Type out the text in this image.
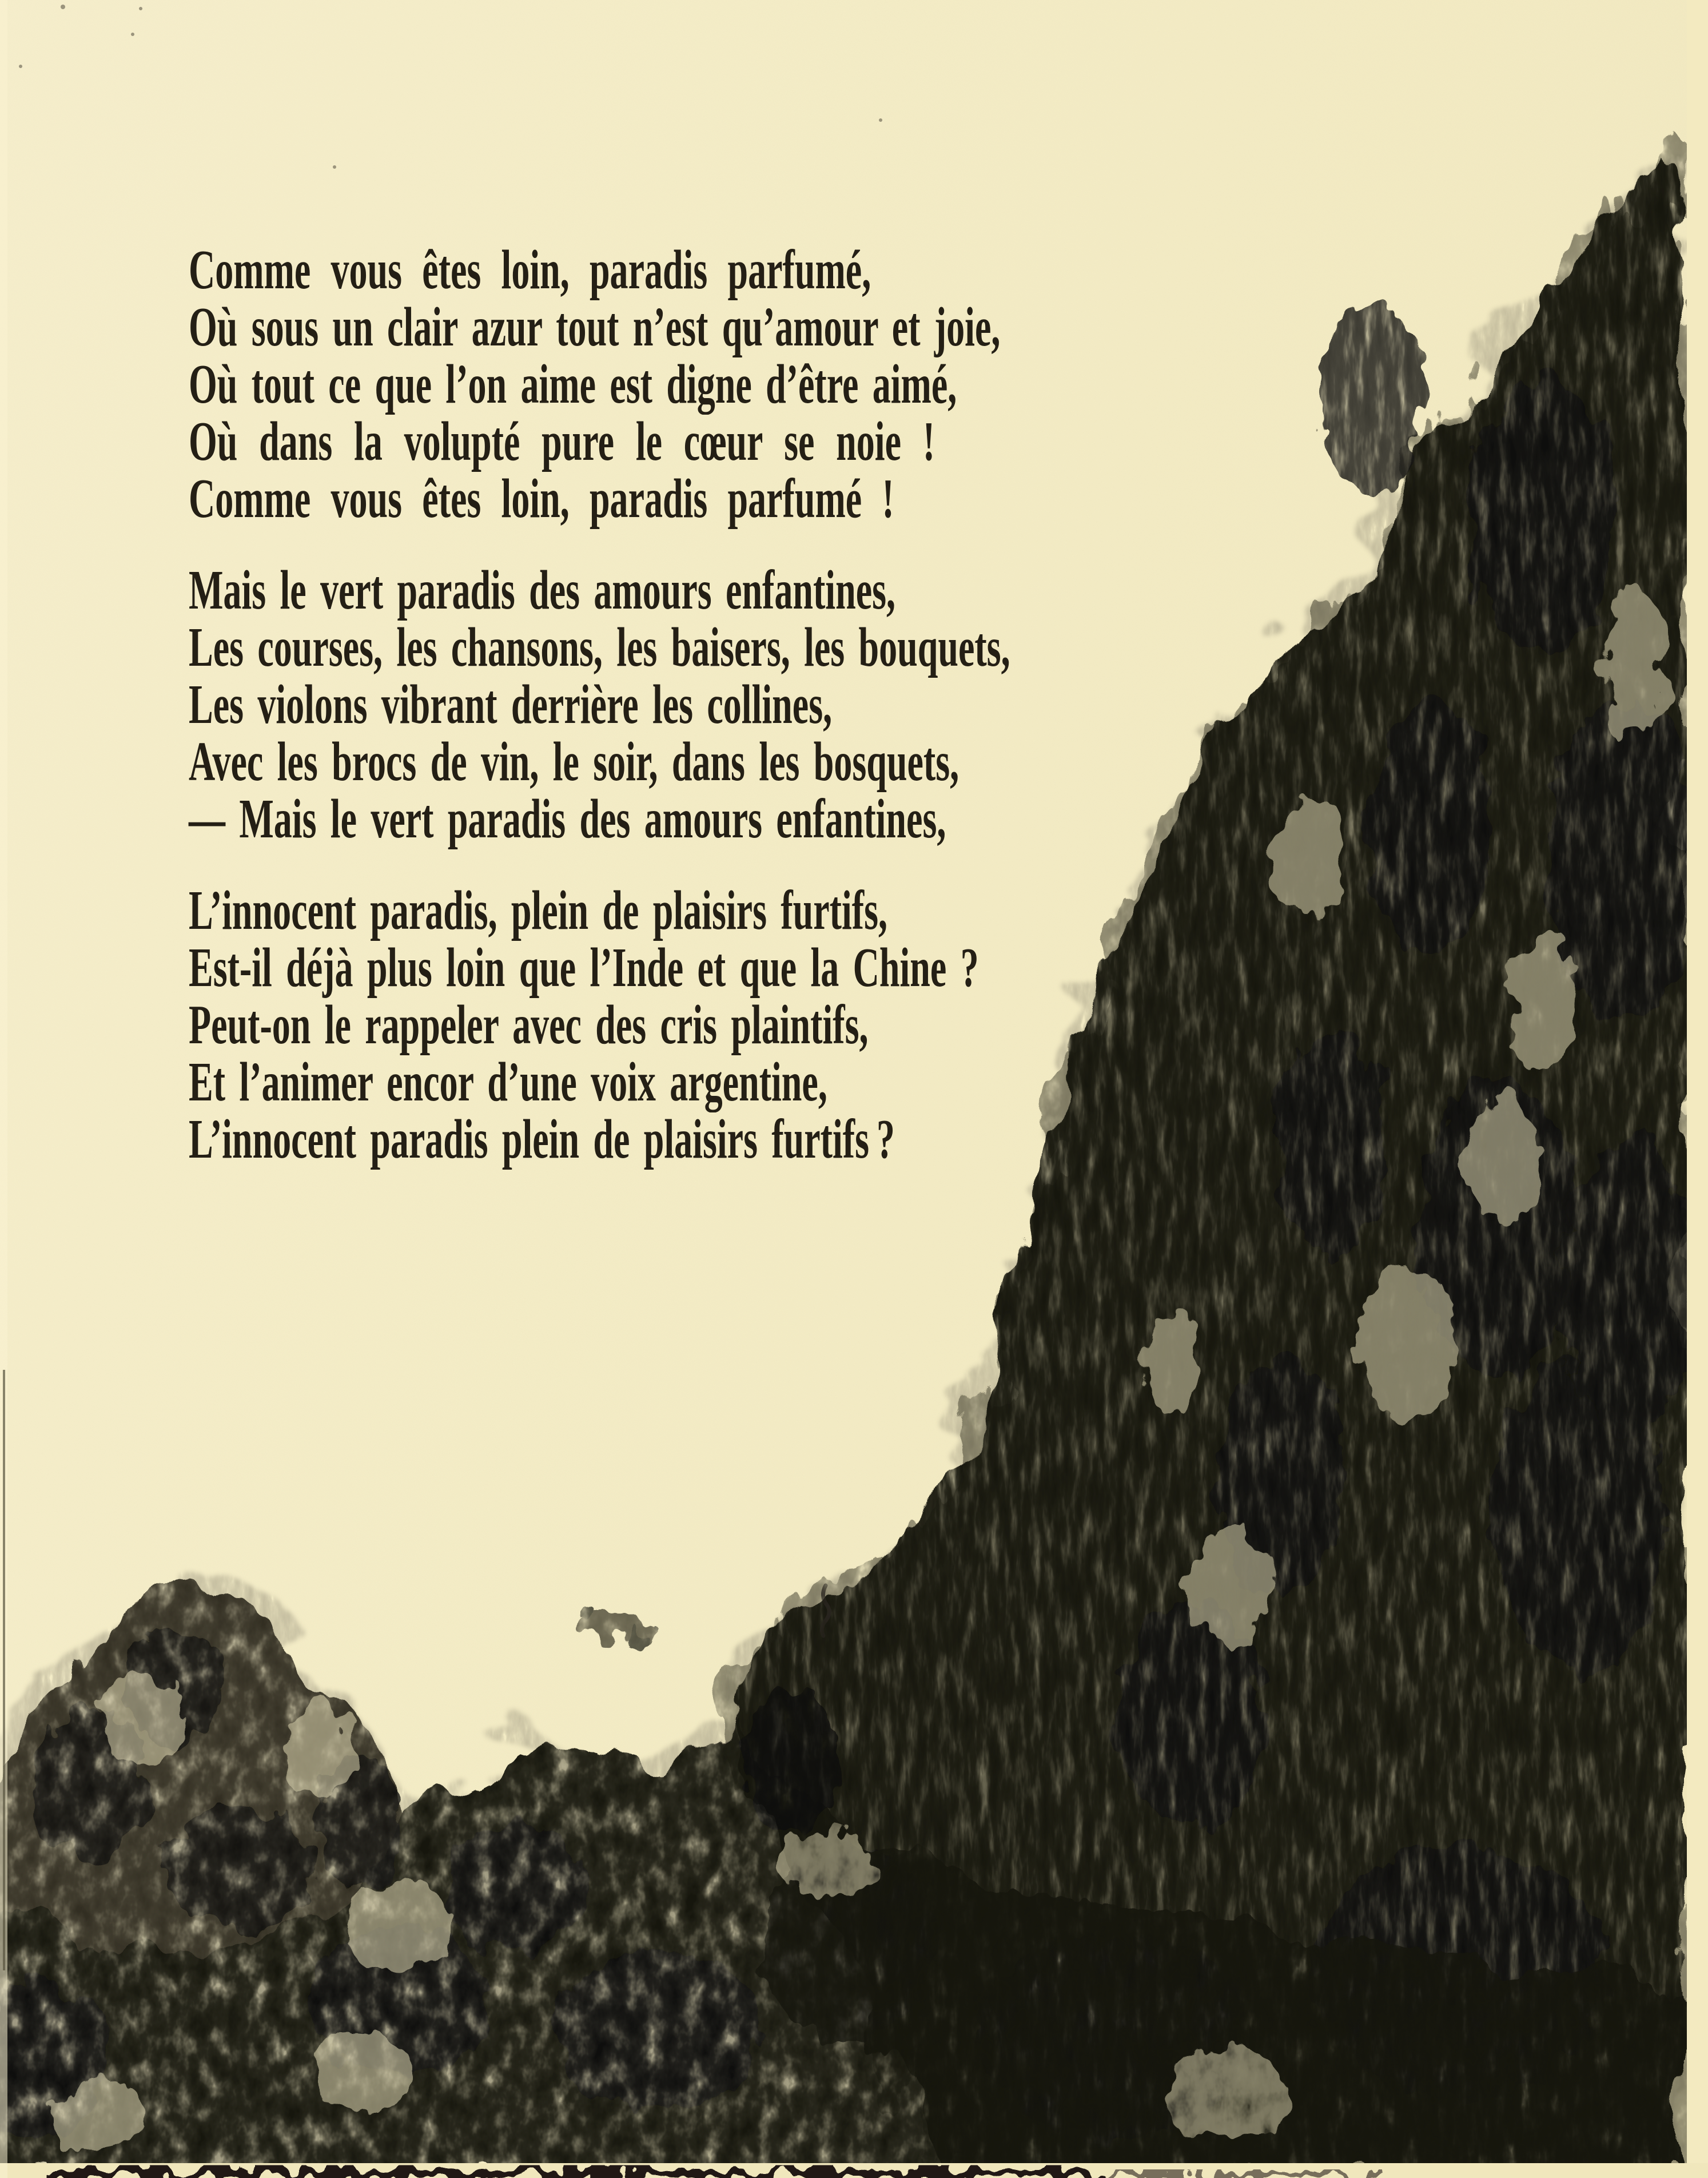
Comme vous êtes loin, paradis parfumé,
Où sous un clair azur tout n’est qu’amour et joie,
Où tout ce que l’on aime est digne d’être aimé,
Où dans la volupté pure le cœur se noie !
Comme vous êtes loin, paradis parfumé !
Mais le vert paradis des amours enfantines,
Les courses, les chansons, les baisers, les bouquets,
Les violons vibrant derrière les collines,
Avec les brocs de vin, le soir, dans les bosquets,
— Mais le vert paradis des amours enfantines,
L’innocent paradis, plein de plaisirs furtifs,
Est-il déjà plus loin que l’Inde et que la Chine ?
Peut-on le rappeler avec des cris plaintifs,
Et l’animer encor d’une voix argentine,
L’innocent paradis plein de plaisirs furtifs ?
